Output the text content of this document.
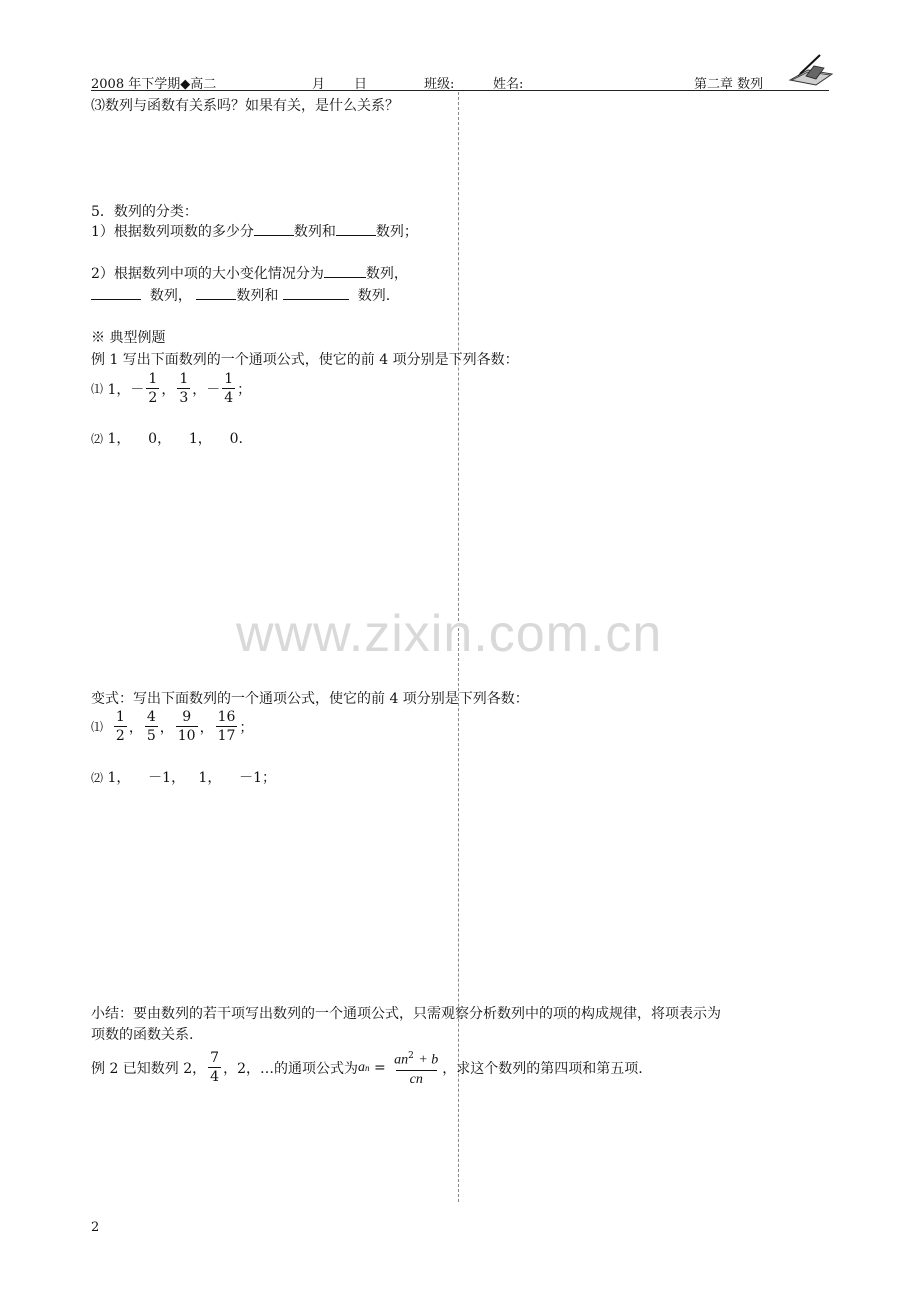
2008 年下学期◆高二	月 日	班级:	姓名:	第二章 数列
⑶数列与函数有关系吗？如果有关，是什么关系？
5．数列的分类：
1）根据数列项数的多少分	数列和	数列；
2）根据数列中项的大小变化情况分为	数列，
数列，	数列和	数列.
※ 典型例题
例 1 写出下面数列的一个通项公式，使它的前 4 项分别是下列各数：
⑴
1， － $\frac{1}{2}$ ， $\frac{1}{3}$ ， － $\frac{1}{4}$ ；

⑵ 1，    0，    1，    0.
www.zixin.com.cn
变式：写出下面数列的一个通项公式，使它的前 4 项分别是下列各数：
⑴
$\frac{1}{2}$ ， $\frac{4}{5}$ ， $\frac{9}{10}$ ， $\frac{16}{17}$ ；

⑵ 1，    －1，   1，    －1；
小结：要由数列的若干项写出数列的一个通项公式，只需观察分析数列中的项的构成规律，将项表示为
项数的函数关系.
例 2 已知数列 2， $\frac{7}{4}$ ，2，…的通项公式为 a n
=
$\frac{an^2 + b}{cn}$ ，求这个数列的第四项和第五项.
2
